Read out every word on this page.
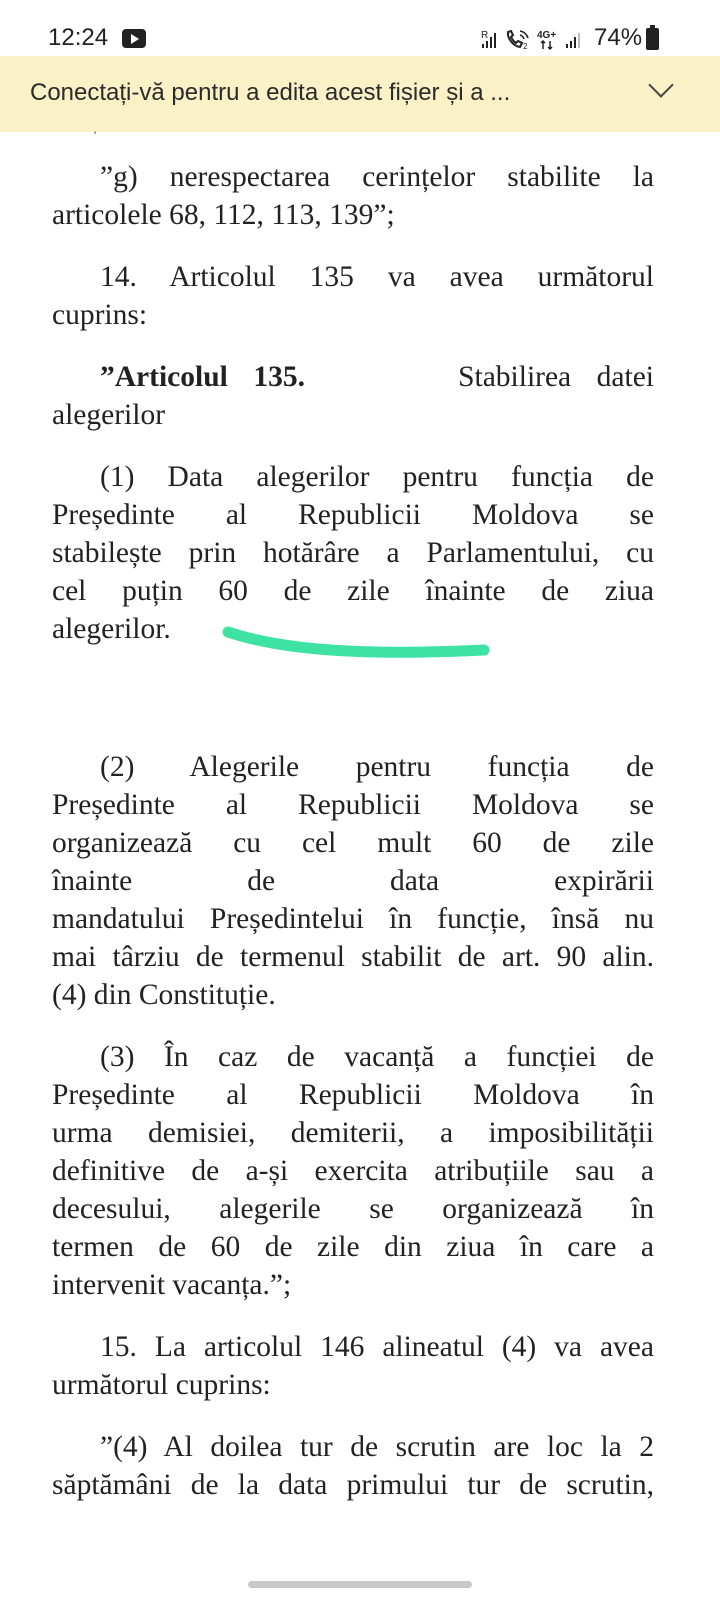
12:24	R
2
4G+ 74%
Conectați-vă pentru a edita acest fișier și a ...

”g) nerespectarea cerințelor stabilite la
articolele 68, 112, 113, 139”;

14. Articolul 135 va avea următorul
cuprins:

”Articolul 135.	Stabilirea datei
alegerilor

(1) Data alegerilor pentru funcția de
Președinte al Republicii Moldova se
stabilește prin hotărâre a Parlamentului, cu
cel puțin 60 de zile înainte de ziua
alegerilor.

(2) Alegerile pentru funcția de
Președinte al Republicii Moldova se
organizează cu cel mult 60 de zile
înainte de data expirării
mandatului Președintelui în funcție, însă nu
mai târziu de termenul stabilit de art. 90 alin.
(4) din Constituție.

(3) În caz de vacanță a funcției de
Președinte al Republicii Moldova în
urma demisiei, demiterii, a imposibilității
definitive de a-și exercita atribuțiile sau a
decesului, alegerile se organizează în
termen de 60 de zile din ziua în care a
intervenit vacanța.”;

15. La articolul 146 alineatul (4) va avea
următorul cuprins:

”(4) Al doilea tur de scrutin are loc la 2
săptămâni de la data primului tur de scrutin,
